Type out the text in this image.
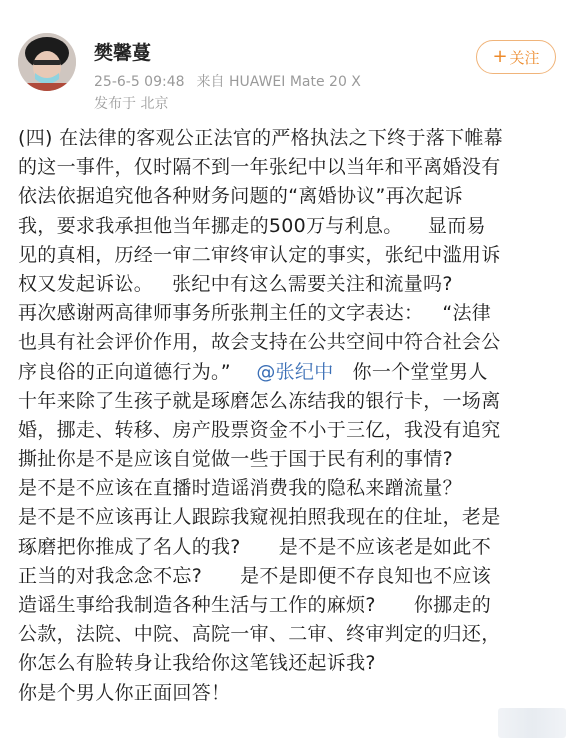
樊馨蔓
25-6-5 09:48 来自 HUAWEI Mate 20 X
发布于 北京
+ 关注
(四) 在法律的客观公正法官的严格执法之下终于落下帷幕
的这一事件，仅时隔不到一年张纪中以当年和平离婚没有
依法依据追究他各种财务问题的“离婚协议”再次起诉
我，要求我承担他当年挪走的500万与利息。    显而易
见的真相，历经一审二审终审认定的事实，张纪中滥用诉
权又发起诉讼。   张纪中有这么需要关注和流量吗?
再次感谢两高律师事务所张荆主任的文字表达：   “法律
也具有社会评价作用，故会支持在公共空间中符合社会公
序良俗的正向道德行为。” @张纪中   你一个堂堂男人
十年来除了生孩子就是琢磨怎么冻结我的银行卡，一场离
婚，挪走、转移、房产股票资金不小于三亿，我没有追究
撕扯你是不是应该自觉做一些于国于民有利的事情?
是不是不应该在直播时造谣消费我的隐私来蹭流量？
是不是不应该再让人跟踪我窥视拍照我现在的住址，老是
琢磨把你推成了名人的我?      是不是不应该老是如此不
正当的对我念念不忘?      是不是即便不存良知也不应该
造谣生事给我制造各种生活与工作的麻烦?      你挪走的
公款，法院、中院、高院一审、二审、终审判定的归还，
你怎么有脸转身让我给你这笔钱还起诉我?
你是个男人你正面回答！
